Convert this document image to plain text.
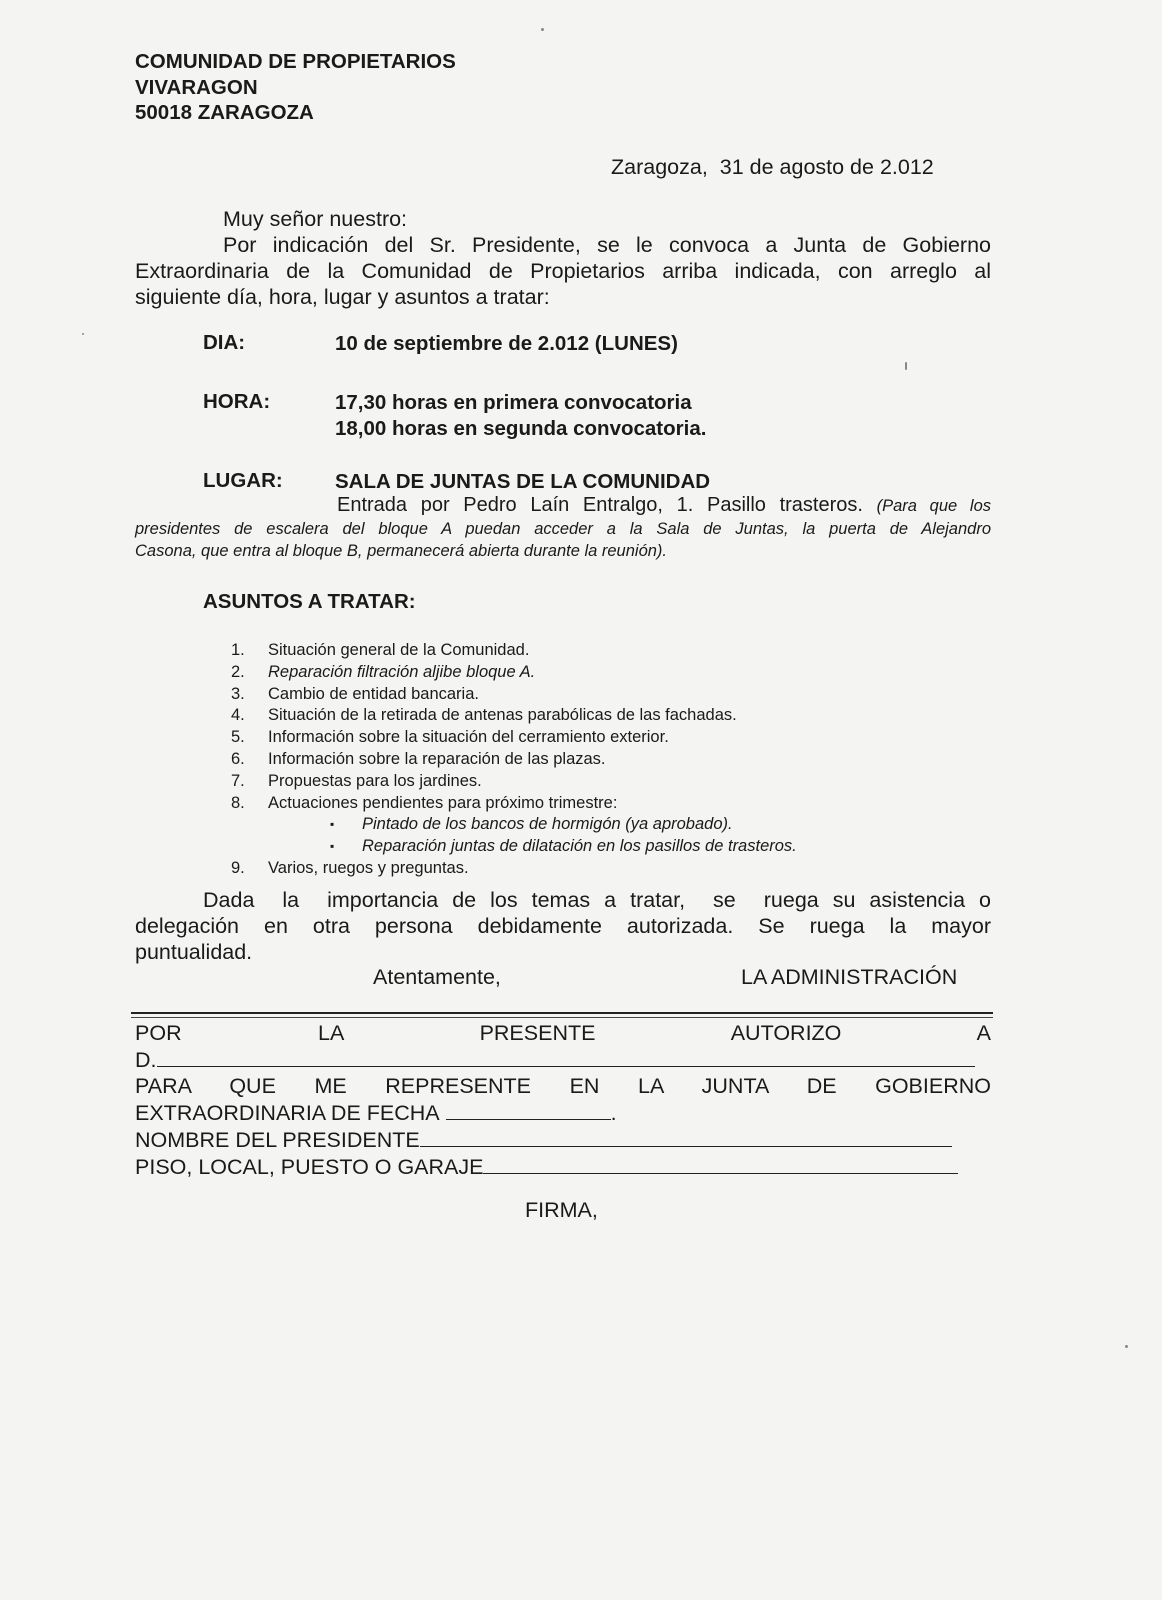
COMUNIDAD DE PROPIETARIOS
VIVARAGON
50018 ZARAGOZA
Zaragoza,  31 de agosto de 2.012
Muy señor nuestro:
Por indicación del Sr. Presidente, se le convoca a Junta de Gobierno
Extraordinaria de la Comunidad de Propietarios arriba indicada, con arreglo al
siguiente día, hora, lugar y asuntos a tratar:
DIA:	10 de septiembre de 2.012 (LUNES)
HORA:	17,30 horas en primera convocatoria
18,00 horas en segunda convocatoria.
LUGAR:	SALA DE JUNTAS DE LA COMUNIDAD
Entrada por Pedro Laín Entralgo, 1. Pasillo trasteros. (Para que los
presidentes de escalera del bloque A puedan acceder a la Sala de Juntas, la puerta de Alejandro
Casona, que entra al bloque B, permanecerá abierta durante la reunión).
ASUNTOS A TRATAR:
1.	Situación general de la Comunidad.
2.	Reparación filtración aljibe bloque A.
3.	Cambio de entidad bancaria.
4.	Situación de la retirada de antenas parabólicas de las fachadas.
5.	Información sobre la situación del cerramiento exterior.
6.	Información sobre la reparación de las plazas.
7.	Propuestas para los jardines.
8.	Actuaciones pendientes para próximo trimestre:
▪	Pintado de los bancos de hormigón (ya aprobado).
▪	Reparación juntas de dilatación en los pasillos de trasteros.
9.	Varios, ruegos y preguntas.
Dada  la  importancia de los temas a tratar,  se  ruega su asistencia o
delegación en otra persona debidamente autorizada. Se ruega la mayor
puntualidad.
Atentamente,	LA ADMINISTRACIÓN
POR LA PRESENTE AUTORIZO A
D.
PARA QUE ME REPRESENTE EN LA JUNTA DE GOBIERNO
EXTRAORDINARIA DE FECHA	.
NOMBRE DEL PRESIDENTE
PISO, LOCAL, PUESTO O GARAJE
FIRMA,
